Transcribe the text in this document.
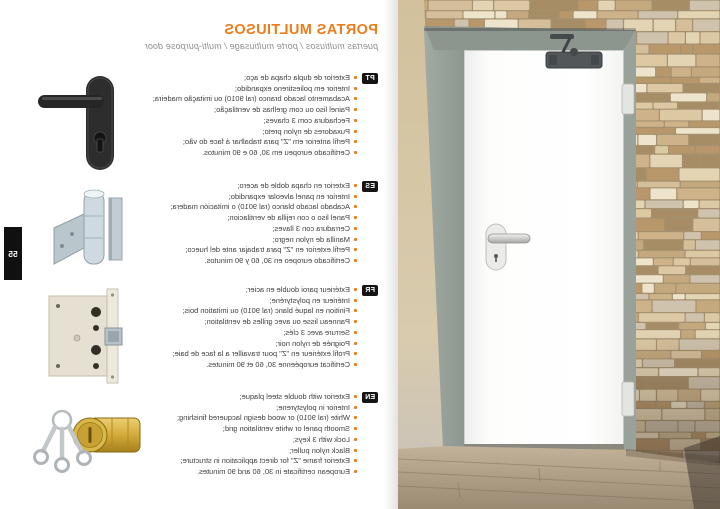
PORTAS MULTIUSOS
puertas multiusos / porte multiusage / multi-purpose door
PT
Exterior de dupla chapa de aço;
Interior em poliestireno expandido;
Acabamento lacado branco (ral 9010) ou imitação madeira;
Painel liso ou com grelhas de ventilação;
Fechadura com 3 chaves;
Puxadores de nylon preto;
Perfil anterior em "Z" para trabalhar á face do vão;
Certificado europeu em 30, 60 e 90 minutos.
ES
Exterior en chapa doble de acero;
Interior en panel alveolar expandido;
Acabado lacado blanco (ral 9010) o imitación madera;
Panel liso o con rejilla de ventilacion;
Cerradura con 3 llaves;
Manilla de nylon negro;
Perfil exterior en "Z" para trabajar ante del hueco;
Certificado europeo en 30, 60 y 90 minutos.
FR
Extérieur paroi double en acier;
Intérieur en polystyréne;
Finition en laqué blanc (ral 9010) ou imitation bois;
Panneau lisse ou avec grilles de ventilation;
Serrure avec 3 clés;
Poignée de nylon noir;
Profil extérieur en "Z" pour travailler a la face de baie;
Certificat européenne 30, 60 et 90 minutes.
EN
Exterior with double steel plaque;
Interior in polystyrene;
White (ral 9010) or wood design lacquered finishing;
Smooth panel or white ventilation grid;
Lock with 3 keys;
Black nylon puller;
Exterior frame "Z" for direct application in structure;
European certificate in 30, 60 and 90 minutes.
55
